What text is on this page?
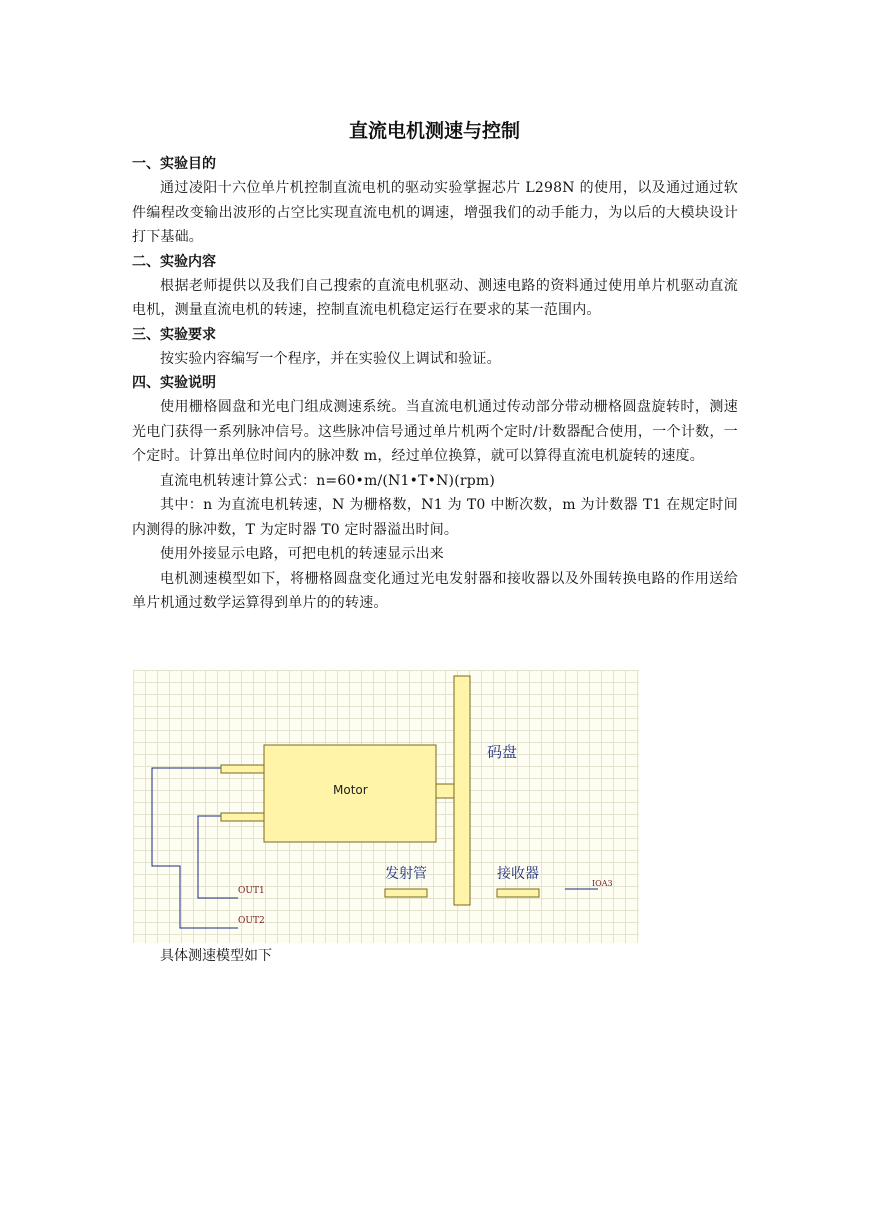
直流电机测速与控制
一、实验目的
通过凌阳十六位单片机控制直流电机的驱动实验掌握芯片 L298N 的使用，以及通过通过软件编程改变输出波形的占空比实现直流电机的调速，增强我们的动手能力，为以后的大模块设计打下基础。
二、实验内容
根据老师提供以及我们自己搜索的直流电机驱动、测速电路的资料通过使用单片机驱动直流电机，测量直流电机的转速，控制直流电机稳定运行在要求的某一范围内。
三、实验要求
按实验内容编写一个程序，并在实验仪上调试和验证。
四、实验说明
使用栅格圆盘和光电门组成测速系统。当直流电机通过传动部分带动栅格圆盘旋转时，测速光电门获得一系列脉冲信号。这些脉冲信号通过单片机两个定时/计数器配合使用，一个计数，一个定时。计算出单位时间内的脉冲数 m，经过单位换算，就可以算得直流电机旋转的速度。
直流电机转速计算公式：n=60•m/(N1•T•N)(rpm)
其中：n 为直流电机转速，N 为栅格数，N1 为 T0 中断次数，m 为计数器 T1 在规定时间内测得的脉冲数，T 为定时器 T0 定时器溢出时间。
使用外接显示电路，可把电机的转速显示出来
电机测速模型如下，将栅格圆盘变化通过光电发射器和接收器以及外围转换电路的作用送给单片机通过数学运算得到单片的的转速。
Motor
码盘
发射管	接收器
OUT1
OUT2
IOA3
具体测速模型如下
